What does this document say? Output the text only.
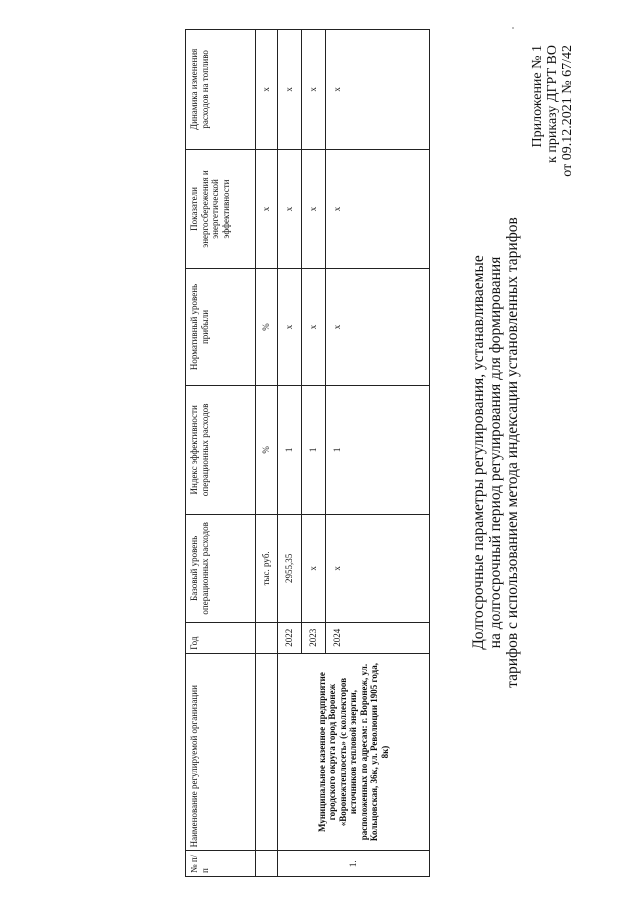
Приложение № 1 к приказу ДГРТ ВО от 09.12.2021 № 67/42
Долгосрочные параметры регулирования, устанавливаемые на долгосрочный период регулирования для формирования тарифов с использованием метода индексации установленных тарифов
№ п/п	Наименование регулируемой организации	Год	Базовый уровень операционных расходов	Индекс эффективности операционных расходов	Нормативный уровень прибыли	Показатели энергосбережения и энергетической эффективности	Динамика изменения расходов на топливо
			тыс. руб.	%	%	х	х
1.	Муниципальное казенное предприятие городского округа город Воронеж «Воронежтеплосеть» (с коллекторов источников тепловой энергии, расположенных по адресам: г. Воронеж, ул. Кольцовская, 36к, ул. Революции 1905 года, 8к)	2022	2955,35	1	х	х	х
		2023	х	1	х	х	х
		2024	х	1	х	х	х
